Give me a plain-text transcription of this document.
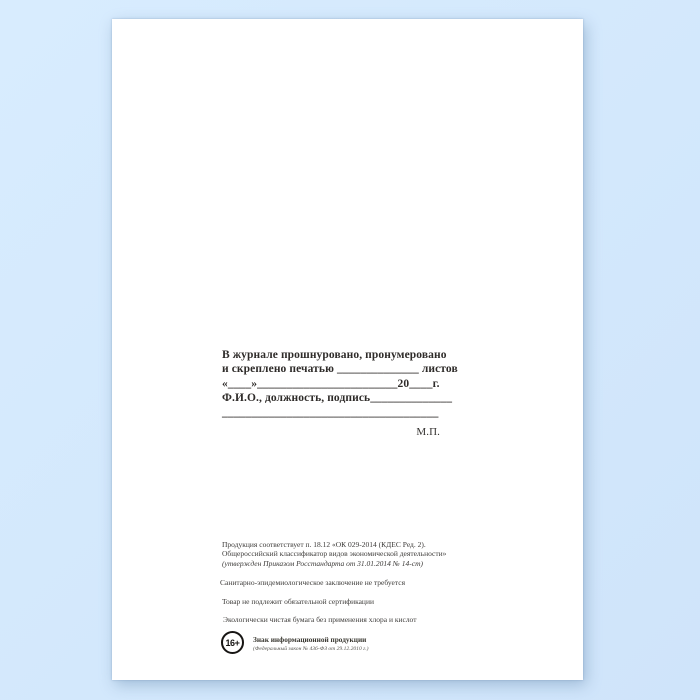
В журнале прошнуровано, пронумеровано
и скреплено печатью ______________ листов
«____»________________________20____г.
Ф.И.О., должность, подпись______________
_____________________________________
М.П.
Продукция соответствует п. 18.12 «ОК 029-2014 (КДЕС Ред. 2).
Общероссийский классификатор видов экономической деятельности»
(утвержден Приказом Росстандарта от 31.01.2014 № 14-ст)
Санитарно-эпидемиологическое заключение не требуется
Товар не подлежит обязательной сертификации
Экологически чистая бумага без применения хлора и кислот
16+	Знак информационной продукции
(Федеральный закон № 436-ФЗ от 29.12.2010 г.)
